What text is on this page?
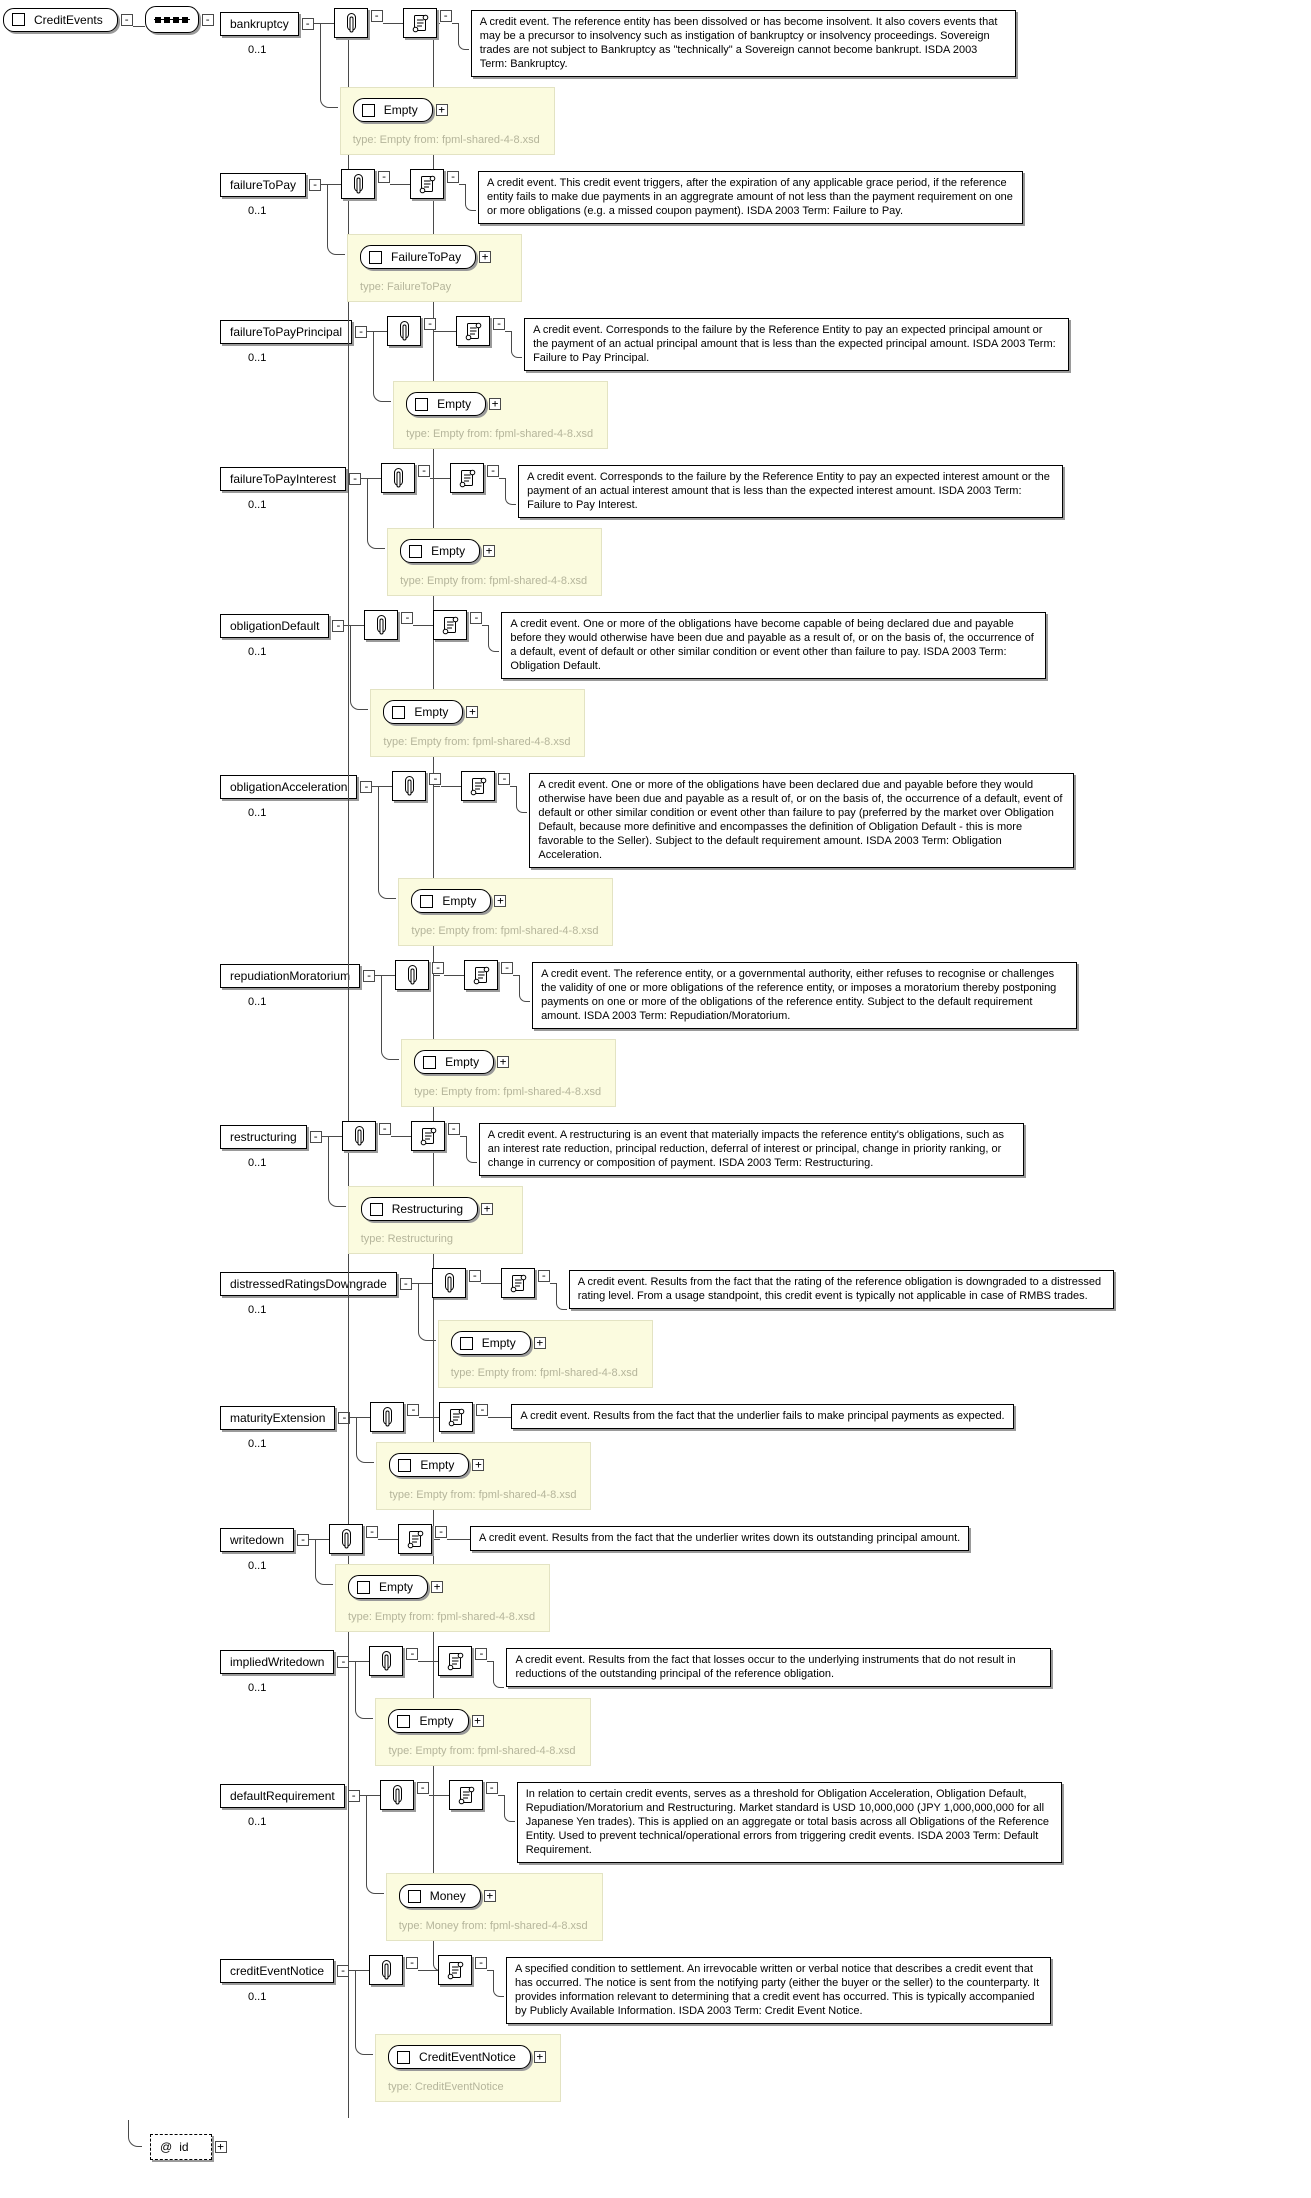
CreditEvents -	-	bankruptcy	-
0..1
-	-	A credit event. The reference entity has been dissolved or has become insolvent. It also covers events that may be a precursor to insolvency such as instigation of bankruptcy or insolvency proceedings. Sovereign trades are not subject to Bankruptcy as "technically" a Sovereign cannot become bankrupt. ISDA 2003 Term: Bankruptcy.
Empty +
type: Empty from: fpml-shared-4-8.xsd
failureToPay	-
0..1
-	-	A credit event. This credit event triggers, after the expiration of any applicable grace period, if the reference entity fails to make due payments in an aggregrate amount of not less than the payment requirement on one or more obligations (e.g. a missed coupon payment). ISDA 2003 Term: Failure to Pay.
FailureToPay +
type: FailureToPay
failureToPayPrincipal	-
0..1
-	-	A credit event. Corresponds to the failure by the Reference Entity to pay an expected principal amount or the payment of an actual principal amount that is less than the expected principal amount. ISDA 2003 Term: Failure to Pay Principal.
Empty +
type: Empty from: fpml-shared-4-8.xsd
failureToPayInterest	-
0..1
-	-	A credit event. Corresponds to the failure by the Reference Entity to pay an expected interest amount or the payment of an actual interest amount that is less than the expected interest amount. ISDA 2003 Term: Failure to Pay Interest.
Empty +
type: Empty from: fpml-shared-4-8.xsd
obligationDefault	-
0..1
-	-	A credit event. One or more of the obligations have become capable of being declared due and payable before they would otherwise have been due and payable as a result of, or on the basis of, the occurrence of a default, event of default or other similar condition or event other than failure to pay. ISDA 2003 Term: Obligation Default.
Empty +
type: Empty from: fpml-shared-4-8.xsd
obligationAcceleration	-
0..1
-	-	A credit event. One or more of the obligations have been declared due and payable before they would otherwise have been due and payable as a result of, or on the basis of, the occurrence of a default, event of default or other similar condition or event other than failure to pay (preferred by the market over Obligation Default, because more definitive and encompasses the definition of Obligation Default - this is more favorable to the Seller). Subject to the default requirement amount. ISDA 2003 Term: Obligation Acceleration.
Empty +
type: Empty from: fpml-shared-4-8.xsd
repudiationMoratorium	-
0..1
-	-	A credit event. The reference entity, or a governmental authority, either refuses to recognise or challenges the validity of one or more obligations of the reference entity, or imposes a moratorium thereby postponing payments on one or more of the obligations of the reference entity. Subject to the default requirement amount. ISDA 2003 Term: Repudiation/Moratorium.
Empty +
type: Empty from: fpml-shared-4-8.xsd
restructuring	-
0..1
-	-	A credit event. A restructuring is an event that materially impacts the reference entity's obligations, such as an interest rate reduction, principal reduction, deferral of interest or principal, change in priority ranking, or change in currency or composition of payment. ISDA 2003 Term: Restructuring.
Restructuring +
type: Restructuring
distressedRatingsDowngrade	-
0..1
-	-	A credit event. Results from the fact that the rating of the reference obligation is downgraded to a distressed rating level. From a usage standpoint, this credit event is typically not applicable in case of RMBS trades.
Empty +
type: Empty from: fpml-shared-4-8.xsd
maturityExtension	-
0..1
-	-	A credit event. Results from the fact that the underlier fails to make principal payments as expected.
Empty +
type: Empty from: fpml-shared-4-8.xsd
writedown	-
0..1
-	-	A credit event. Results from the fact that the underlier writes down its outstanding principal amount.
Empty +
type: Empty from: fpml-shared-4-8.xsd
impliedWritedown	-
0..1
-	-	A credit event. Results from the fact that losses occur to the underlying instruments that do not result in reductions of the outstanding principal of the reference obligation.
Empty +
type: Empty from: fpml-shared-4-8.xsd
defaultRequirement	-
0..1
-	-	In relation to certain credit events, serves as a threshold for Obligation Acceleration, Obligation Default, Repudiation/Moratorium and Restructuring. Market standard is USD 10,000,000 (JPY 1,000,000,000 for all Japanese Yen trades). This is applied on an aggregate or total basis across all Obligations of the Reference Entity. Used to prevent technical/operational errors from triggering credit events. ISDA 2003 Term: Default Requirement.
Money +
type: Money from: fpml-shared-4-8.xsd
creditEventNotice	-
0..1
-	-	A specified condition to settlement. An irrevocable written or verbal notice that describes a credit event that has occurred. The notice is sent from the notifying party (either the buyer or the seller) to the counterparty. It provides information relevant to determining that a credit event has occurred. This is typically accompanied by Publicly Available Information. ISDA 2003 Term: Credit Event Notice.
CreditEventNotice +
type: CreditEventNotice
@ id	+
